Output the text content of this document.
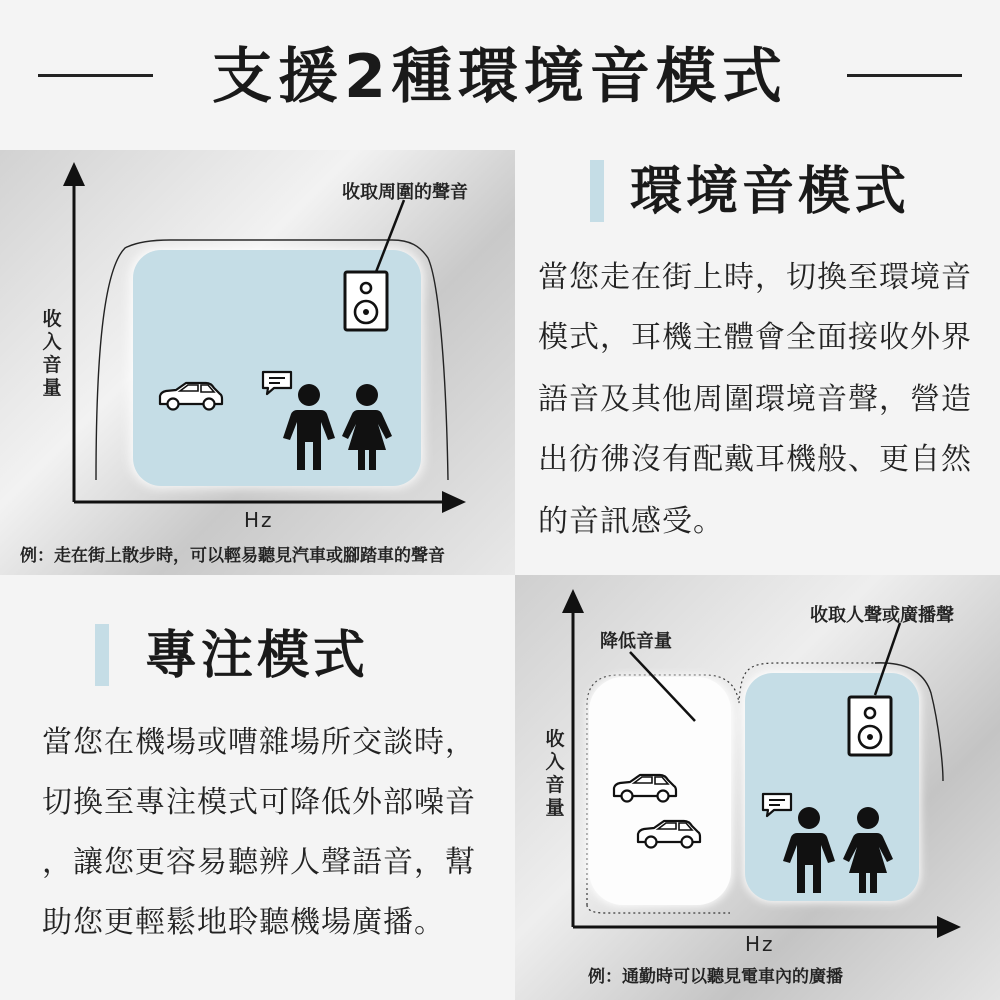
支援2種環境音模式
收取周圍的聲音
收
入
音
量
Hz
例：走在街上散步時，可以輕易聽見汽車或腳踏車的聲音
環境音模式
當您走在街上時，切換至環境音
模式，耳機主體會全面接收外界
語音及其他周圍環境音聲，營造
出彷彿沒有配戴耳機般、更自然
的音訊感受。
專注模式
當您在機場或嘈雜場所交談時，
切換至專注模式可降低外部噪音
，讓您更容易聽辨人聲語音，幫
助您更輕鬆地聆聽機場廣播。
收取人聲或廣播聲
降低音量
收
入
音
量
Hz
例：通勤時可以聽見電車內的廣播
